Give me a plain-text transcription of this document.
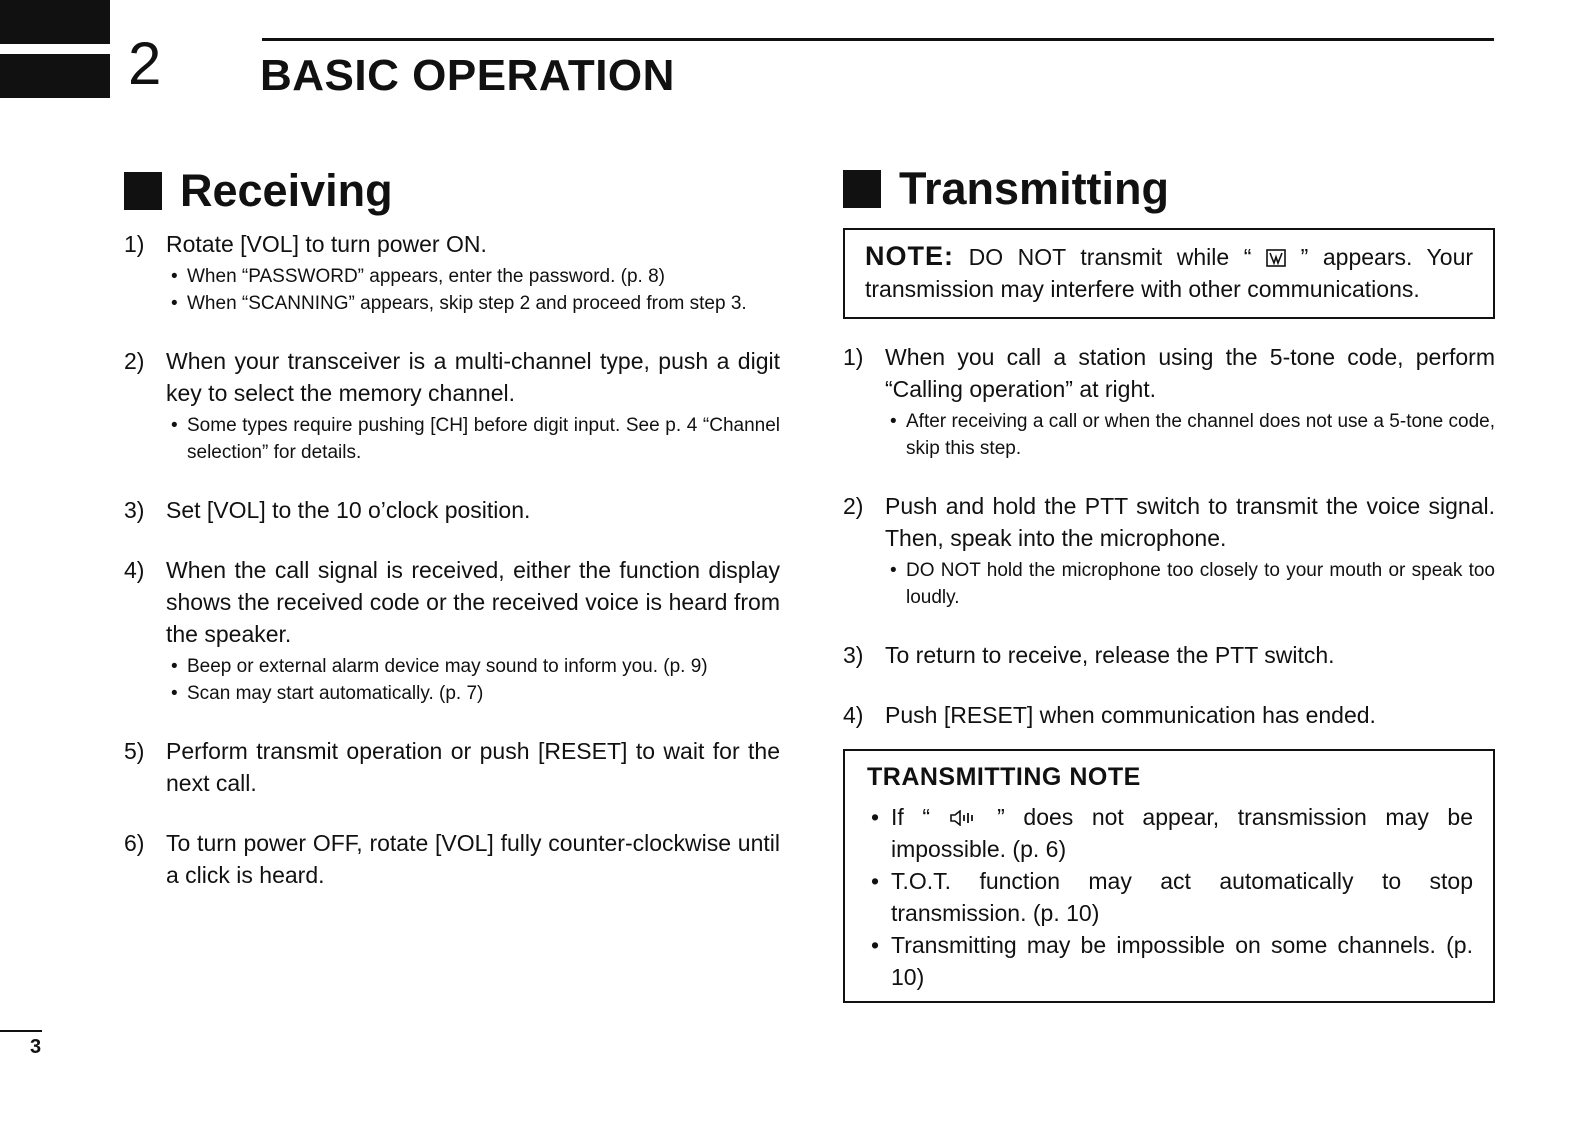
2 BASIC OPERATION
Receiving	Transmitting
1) Rotate [VOL] to turn power ON.
• When “PASSWORD” appears, enter the password. (p. 8)
• When “SCANNING” appears, skip step 2 and proceed from step 3.
2) When your transceiver is a multi-channel type, push a digit key to select the memory channel.
• Some types require pushing [CH] before digit input. See p. 4 “Channel selection” for details.
3) Set [VOL] to the 10 o’clock position.
4) When the call signal is received, either the function display shows the received code or the received voice is heard from the speaker.
• Beep or external alarm device may sound to inform you. (p. 9)
• Scan may start automatically. (p. 7)
5) Perform transmit operation or push [RESET] to wait for the next call.
6) To turn power OFF, rotate [VOL] fully counter-clockwise until a click is heard.
NOTE: DO NOT transmit while “ ” appears. Your transmission may interfere with other communications.
1) When you call a station using the 5-tone code, perform “Calling operation” at right.
• After receiving a call or when the channel does not use a 5-tone code, skip this step.
2) Push and hold the PTT switch to transmit the voice signal. Then, speak into the microphone.
• DO NOT hold the microphone too closely to your mouth or speak too loudly.
3) To return to receive, release the PTT switch.
4) Push [RESET] when communication has ended.
TRANSMITTING NOTE
• If “	” does not appear, transmission may be impossible. (p. 6)
• T.O.T. function may act automatically to stop transmission. (p. 10)
• Transmitting may be impossible on some channels. (p. 10)
3
